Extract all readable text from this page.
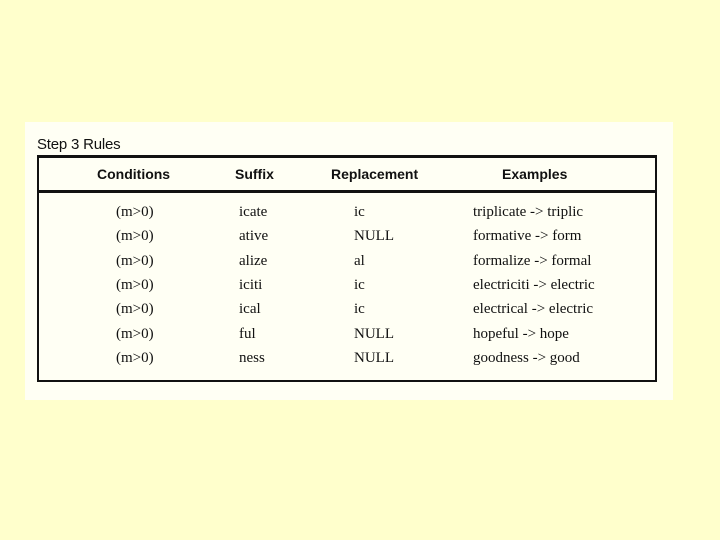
Step 3 Rules
Conditions	Suffix	Replacement	Examples
(m>0)	icate	ic	triplicate -> triplic
(m>0)	ative	NULL	formative -> form
(m>0)	alize	al	formalize -> formal
(m>0)	iciti	ic	electriciti -> electric
(m>0)	ical	ic	electrical -> electric
(m>0)	ful	NULL	hopeful -> hope
(m>0)	ness	NULL	goodness -> good
